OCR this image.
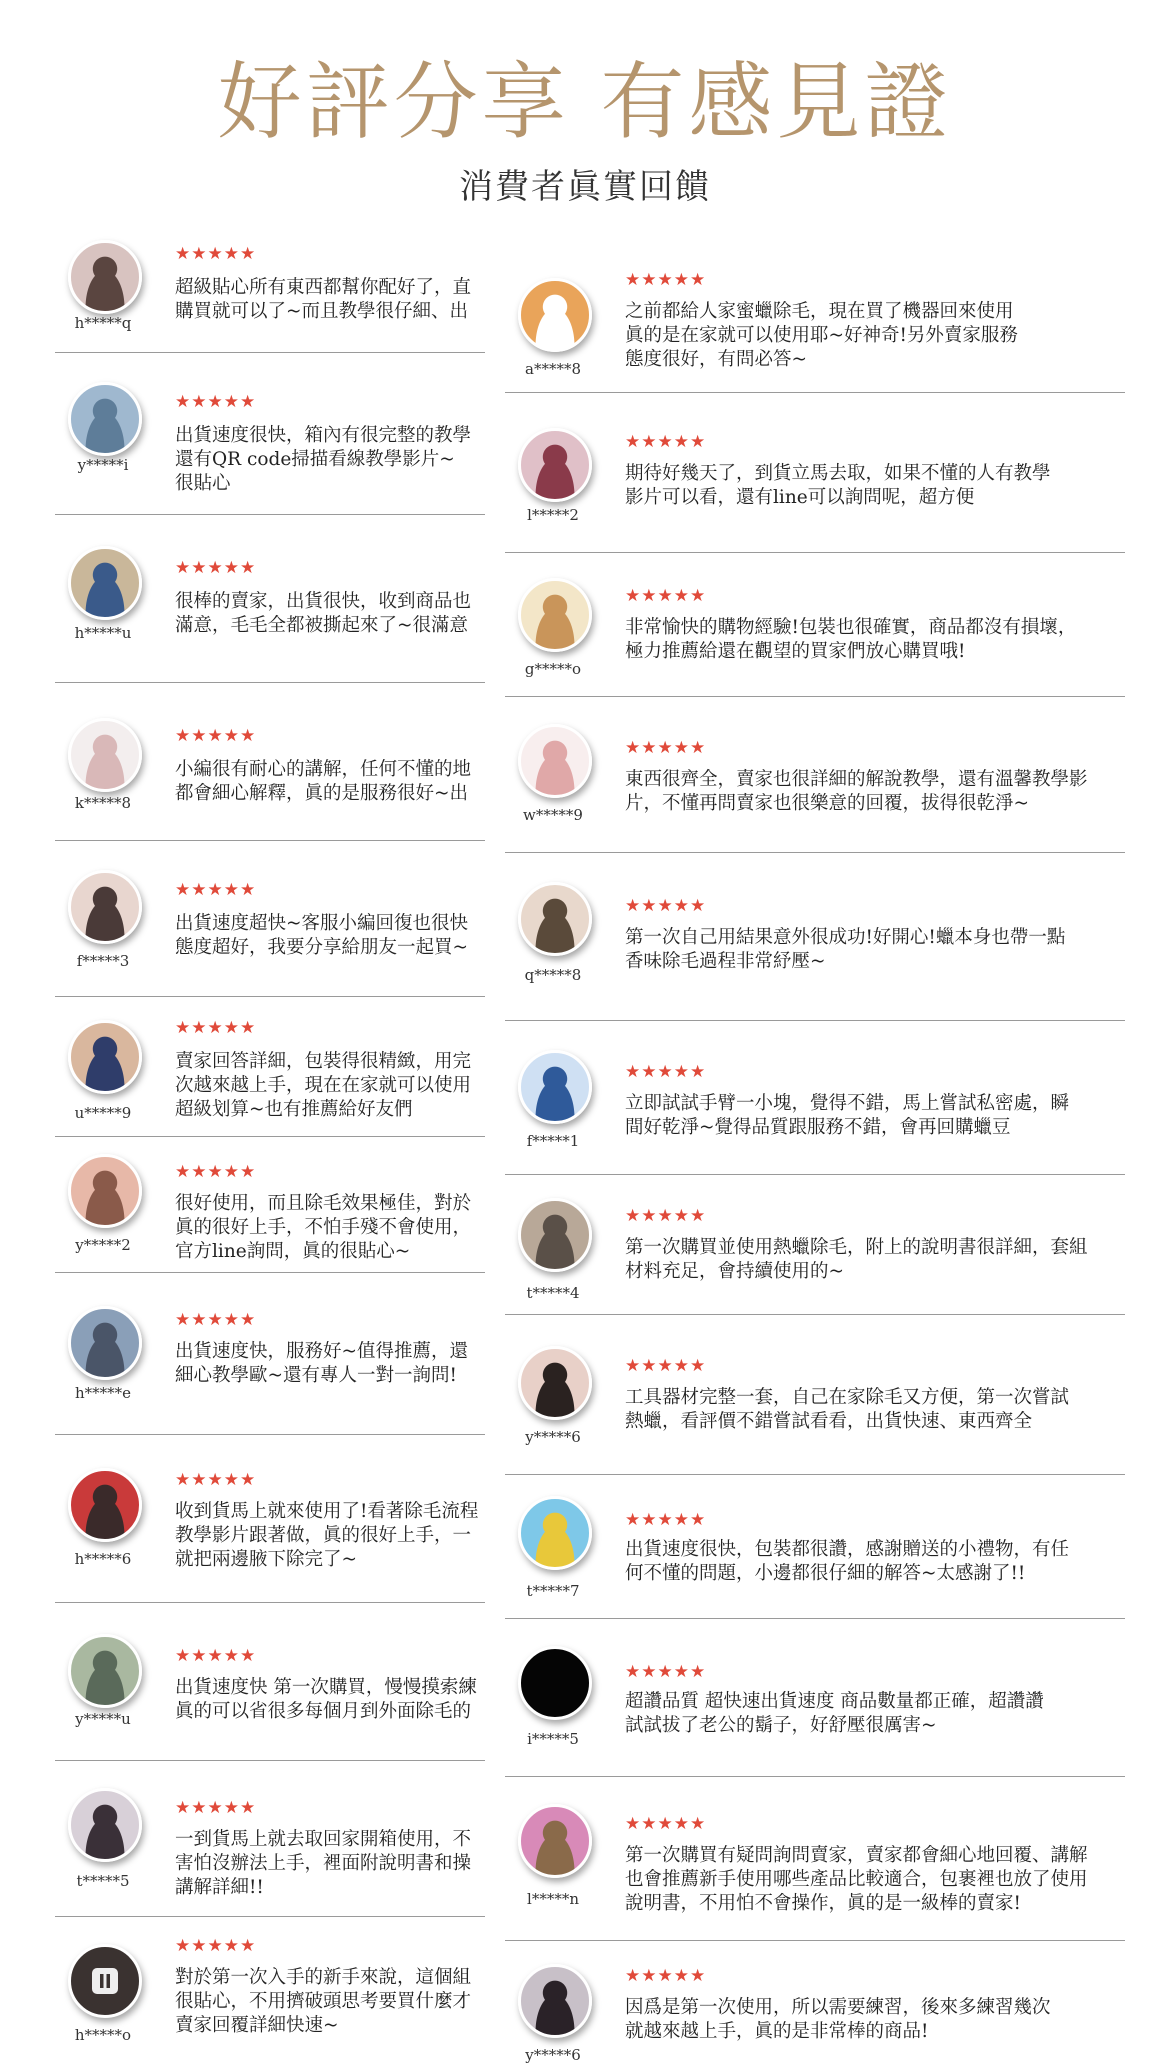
好評分享 有感見證
消費者眞實回饋
h*****q
★★★★★
超級貼心所有東西都幫你配好了，直
購買就可以了~而且教學很仔細、出
y*****i
★★★★★
出貨速度很快，箱內有很完整的教學
還有QR code掃描看線教學影片~
很貼心
h*****u
★★★★★
很棒的賣家，出貨很快，收到商品也
滿意，毛毛全都被撕起來了~很滿意
k*****8
★★★★★
小編很有耐心的講解，任何不懂的地
都會細心解釋，眞的是服務很好~出
f*****3
★★★★★
出貨速度超快~客服小編回復也很快
態度超好，我要分享給朋友一起買~
u*****9
★★★★★
賣家回答詳細，包裝得很精緻，用完
次越來越上手，現在在家就可以使用
超級划算~也有推薦給好友們
y*****2
★★★★★
很好使用，而且除毛效果極佳，對於
眞的很好上手，不怕手殘不會使用，
官方line詢問，眞的很貼心~
h*****e
★★★★★
出貨速度快，服務好~值得推薦，還
細心教學歐~還有專人一對一詢問!
h*****6
★★★★★
收到貨馬上就來使用了!看著除毛流程
教學影片跟著做，眞的很好上手，一
就把兩邊腋下除完了~
y*****u
★★★★★
出貨速度快 第一次購買，慢慢摸索練
眞的可以省很多每個月到外面除毛的
t*****5
★★★★★
一到貨馬上就去取回家開箱使用，不
害怕沒辦法上手，裡面附說明書和操
講解詳細!!
h*****o
★★★★★
對於第一次入手的新手來說，這個組
很貼心，不用擠破頭思考要買什麼才
賣家回覆詳細快速~
a*****8
★★★★★
之前都給人家蜜蠟除毛，現在買了機器回來使用
眞的是在家就可以使用耶~好神奇!另外賣家服務
態度很好，有問必答~
l*****2
★★★★★
期待好幾天了，到貨立馬去取，如果不懂的人有教學
影片可以看，還有line可以詢問呢，超方便
g*****o
★★★★★
非常愉快的購物經驗!包裝也很確實，商品都沒有損壞，
極力推薦給還在觀望的買家們放心購買哦!
w*****9
★★★★★
東西很齊全，賣家也很詳細的解說教學，還有溫馨教學影
片，不懂再問賣家也很樂意的回覆，拔得很乾淨~
q*****8
★★★★★
第一次自己用結果意外很成功!好開心!蠟本身也帶一點
香味除毛過程非常紓壓~
f*****1
★★★★★
立即試試手臂一小塊，覺得不錯，馬上嘗試私密處，瞬
間好乾淨~覺得品質跟服務不錯，會再回購蠟豆
t*****4
★★★★★
第一次購買並使用熱蠟除毛，附上的說明書很詳細，套組
材料充足，會持續使用的~
y*****6
★★★★★
工具器材完整一套，自己在家除毛又方便，第一次嘗試
熱蠟，看評價不錯嘗試看看，出貨快速、東西齊全
t*****7
★★★★★
出貨速度很快，包裝都很讚，感謝贈送的小禮物，有任
何不懂的問題，小邊都很仔細的解答~太感謝了!!
i*****5
★★★★★
超讚品質 超快速出貨速度 商品數量都正確，超讚讚
試試拔了老公的鬍子，好舒壓很厲害~
l*****n
★★★★★
第一次購買有疑問詢問賣家，賣家都會細心地回覆、講解
也會推薦新手使用哪些產品比較適合，包裹裡也放了使用
說明書，不用怕不會操作，眞的是一級棒的賣家!
y*****6
★★★★★
因爲是第一次使用，所以需要練習，後來多練習幾次
就越來越上手，眞的是非常棒的商品!
